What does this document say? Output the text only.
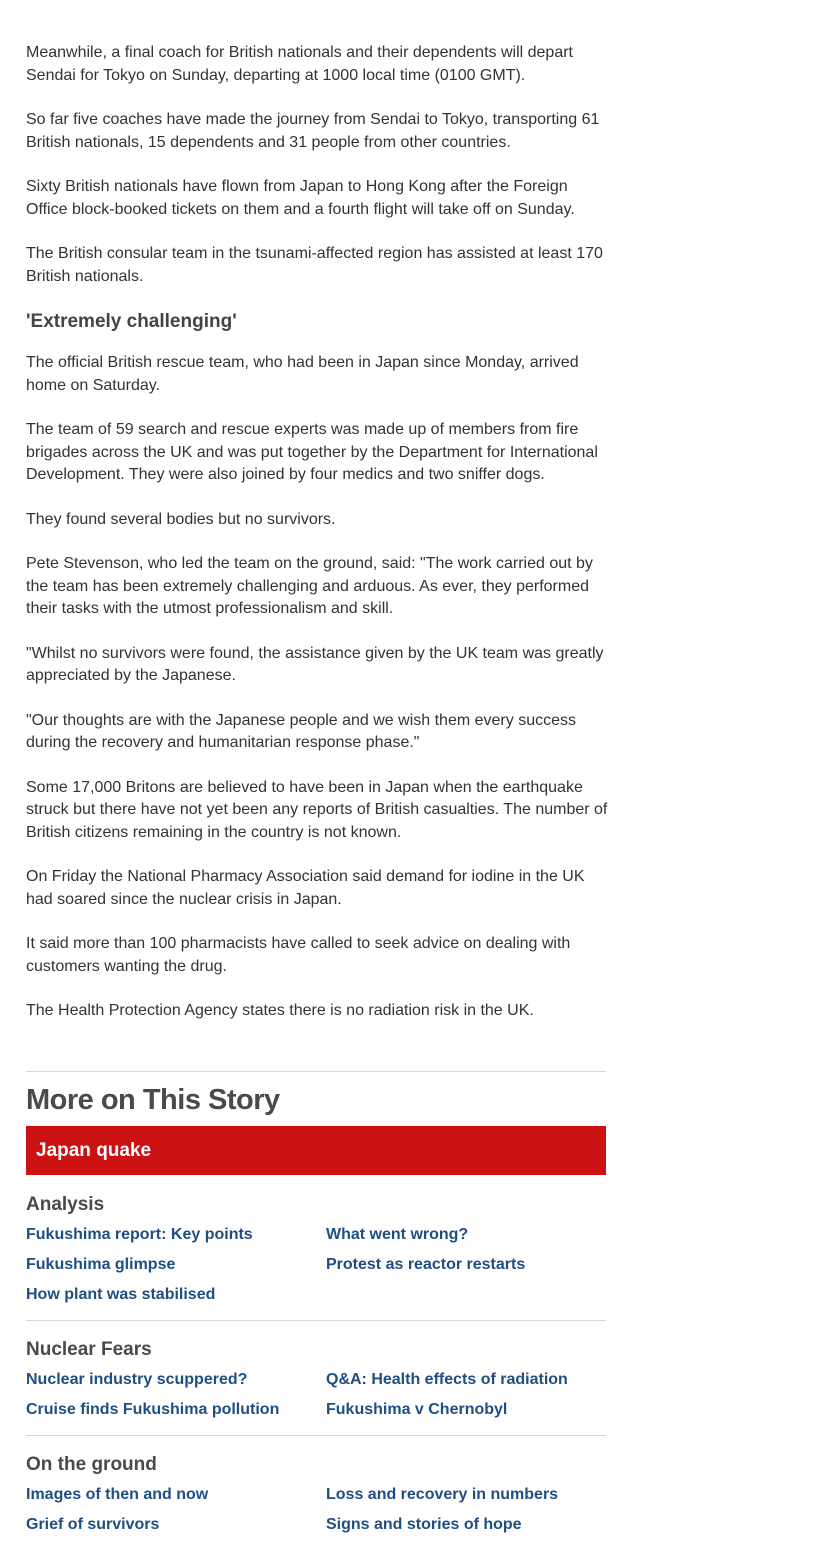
Meanwhile, a final coach for British nationals and their dependents will depart Sendai for Tokyo on Sunday, departing at 1000 local time (0100 GMT).

So far five coaches have made the journey from Sendai to Tokyo, transporting 61 British nationals, 15 dependents and 31 people from other countries.

Sixty British nationals have flown from Japan to Hong Kong after the Foreign Office block-booked tickets on them and a fourth flight will take off on Sunday.

The British consular team in the tsunami-affected region has assisted at least 170 British nationals.

'Extremely challenging'

The official British rescue team, who had been in Japan since Monday, arrived home on Saturday.

The team of 59 search and rescue experts was made up of members from fire brigades across the UK and was put together by the Department for International Development. They were also joined by four medics and two sniffer dogs.

They found several bodies but no survivors.

Pete Stevenson, who led the team on the ground, said: "The work carried out by the team has been extremely challenging and arduous. As ever, they performed their tasks with the utmost professionalism and skill.

"Whilst no survivors were found, the assistance given by the UK team was greatly appreciated by the Japanese.

"Our thoughts are with the Japanese people and we wish them every success during the recovery and humanitarian response phase."

Some 17,000 Britons are believed to have been in Japan when the earthquake struck but there have not yet been any reports of British casualties. The number of British citizens remaining in the country is not known.

On Friday the National Pharmacy Association said demand for iodine in the UK had soared since the nuclear crisis in Japan.

It said more than 100 pharmacists have called to seek advice on dealing with customers wanting the drug.

The Health Protection Agency states there is no radiation risk in the UK.

More on This Story
Japan quake
Analysis
Fukushima report: Key points	What went wrong?
Fukushima glimpse	Protest as reactor restarts
How plant was stabilised
Nuclear Fears
Nuclear industry scuppered?	Q&A: Health effects of radiation
Cruise finds Fukushima pollution	Fukushima v Chernobyl
On the ground
Images of then and now	Loss and recovery in numbers
Grief of survivors	Signs and stories of hope
